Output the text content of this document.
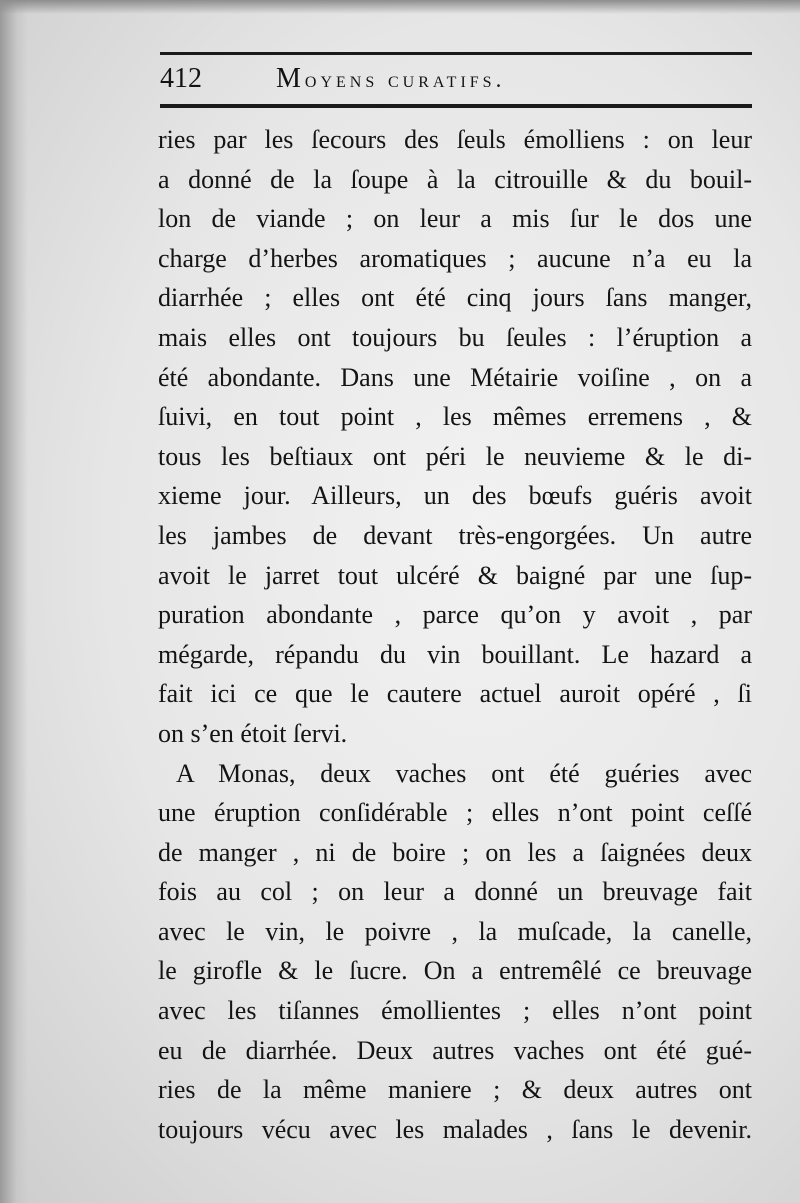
412	Moyens curatifs.
ries par les ſecours des ſeuls émolliens : on leur
a donné de la ſoupe à la citrouille & du bouil-
lon de viande ; on leur a mis ſur le dos une
charge d’herbes aromatiques ; aucune n’a eu la
diarrhée ; elles ont été cinq jours ſans manger,
mais elles ont toujours bu ſeules : l’éruption a
été abondante. Dans une Métairie voiſine , on a
ſuivi, en tout point , les mêmes erremens , &
tous les beſtiaux ont péri le neuvieme & le di-
xieme jour. Ailleurs, un des bœufs guéris avoit
les jambes de devant très-engorgées. Un autre
avoit le jarret tout ulcéré & baigné par une ſup-
puration abondante , parce qu’on y avoit , par
mégarde, répandu du vin bouillant. Le hazard a
fait ici ce que le cautere actuel auroit opéré , ſi
on s’en étoit ſervi.
A Monas, deux vaches ont été guéries avec
une éruption conſidérable ; elles n’ont point ceſſé
de manger , ni de boire ; on les a ſaignées deux
fois au col ; on leur a donné un breuvage fait
avec le vin, le poivre , la muſcade, la canelle,
le girofle & le ſucre. On a entremêlé ce breuvage
avec les tiſannes émollientes ; elles n’ont point
eu de diarrhée. Deux autres vaches ont été gué-
ries de la même maniere ; & deux autres ont
toujours vécu avec les malades , ſans le devenir.
